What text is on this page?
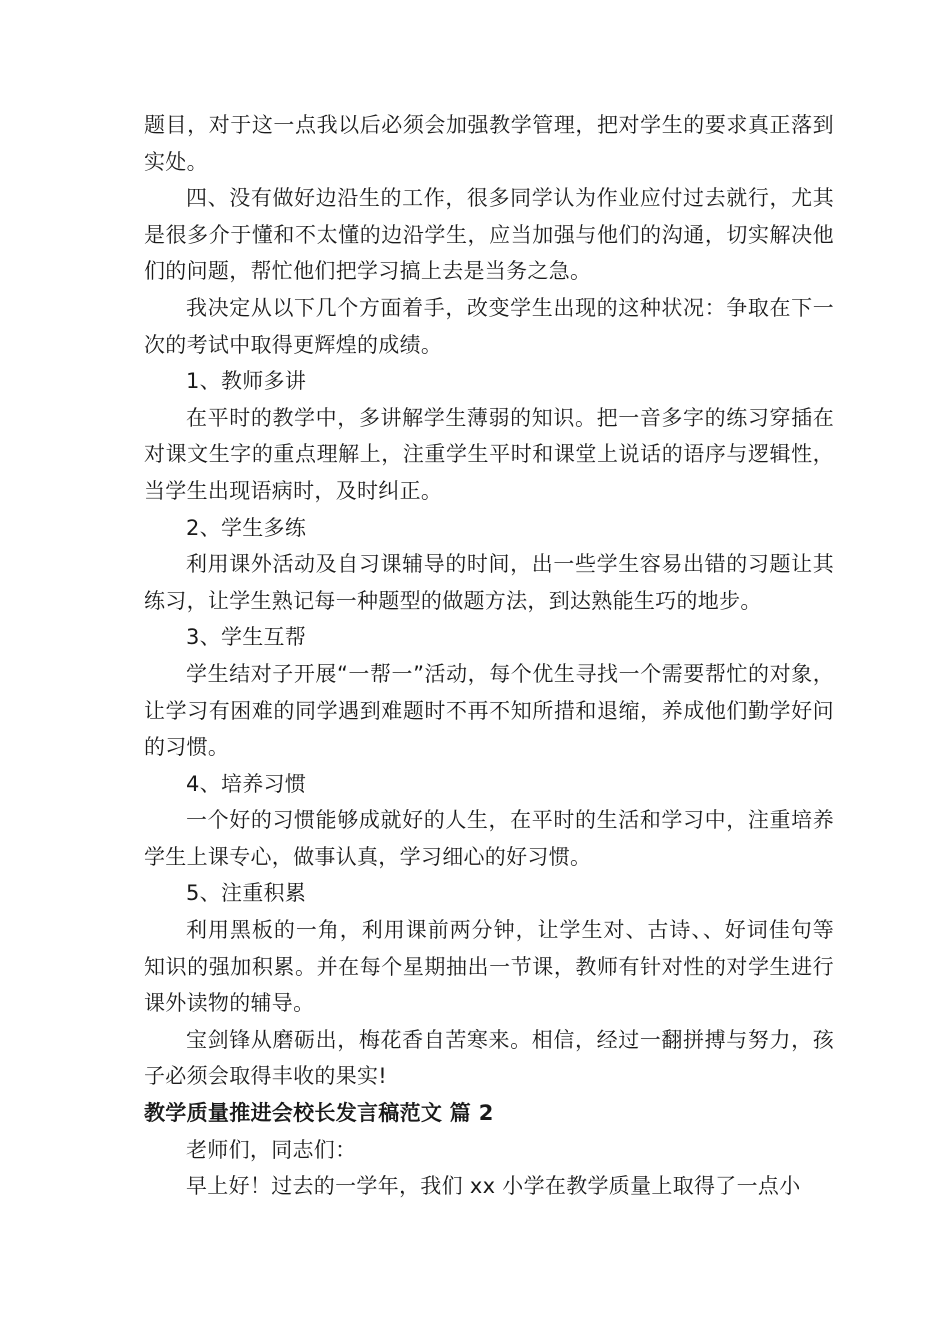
题目，对于这一点我以后必须会加强教学管理，把对学生的要求真正落到实处。

四、没有做好边沿生的工作，很多同学认为作业应付过去就行，尤其是很多介于懂和不太懂的边沿学生，应当加强与他们的沟通，切实解决他们的问题，帮忙他们把学习搞上去是当务之急。

我决定从以下几个方面着手，改变学生出现的这种状况：争取在下一次的考试中取得更辉煌的成绩。

1、教师多讲

在平时的教学中，多讲解学生薄弱的知识。把一音多字的练习穿插在对课文生字的重点理解上，注重学生平时和课堂上说话的语序与逻辑性，当学生出现语病时，及时纠正。

2、学生多练

利用课外活动及自习课辅导的时间，出一些学生容易出错的习题让其练习，让学生熟记每一种题型的做题方法，到达熟能生巧的地步。

3、学生互帮

学生结对子开展“一帮一”活动，每个优生寻找一个需要帮忙的对象，让学习有困难的同学遇到难题时不再不知所措和退缩，养成他们勤学好问的习惯。

4、培养习惯

一个好的习惯能够成就好的人生，在平时的生活和学习中，注重培养学生上课专心，做事认真，学习细心的好习惯。

5、注重积累

利用黑板的一角，利用课前两分钟，让学生对、古诗、、好词佳句等知识的强加积累。并在每个星期抽出一节课，教师有针对性的对学生进行课外读物的辅导。

宝剑锋从磨砺出，梅花香自苦寒来。相信，经过一翻拼搏与努力，孩子必须会取得丰收的果实!

教学质量推进会校长发言稿范文 篇 2

老师们，同志们：

早上好！过去的一学年，我们 xx 小学在教学质量上取得了一点小
